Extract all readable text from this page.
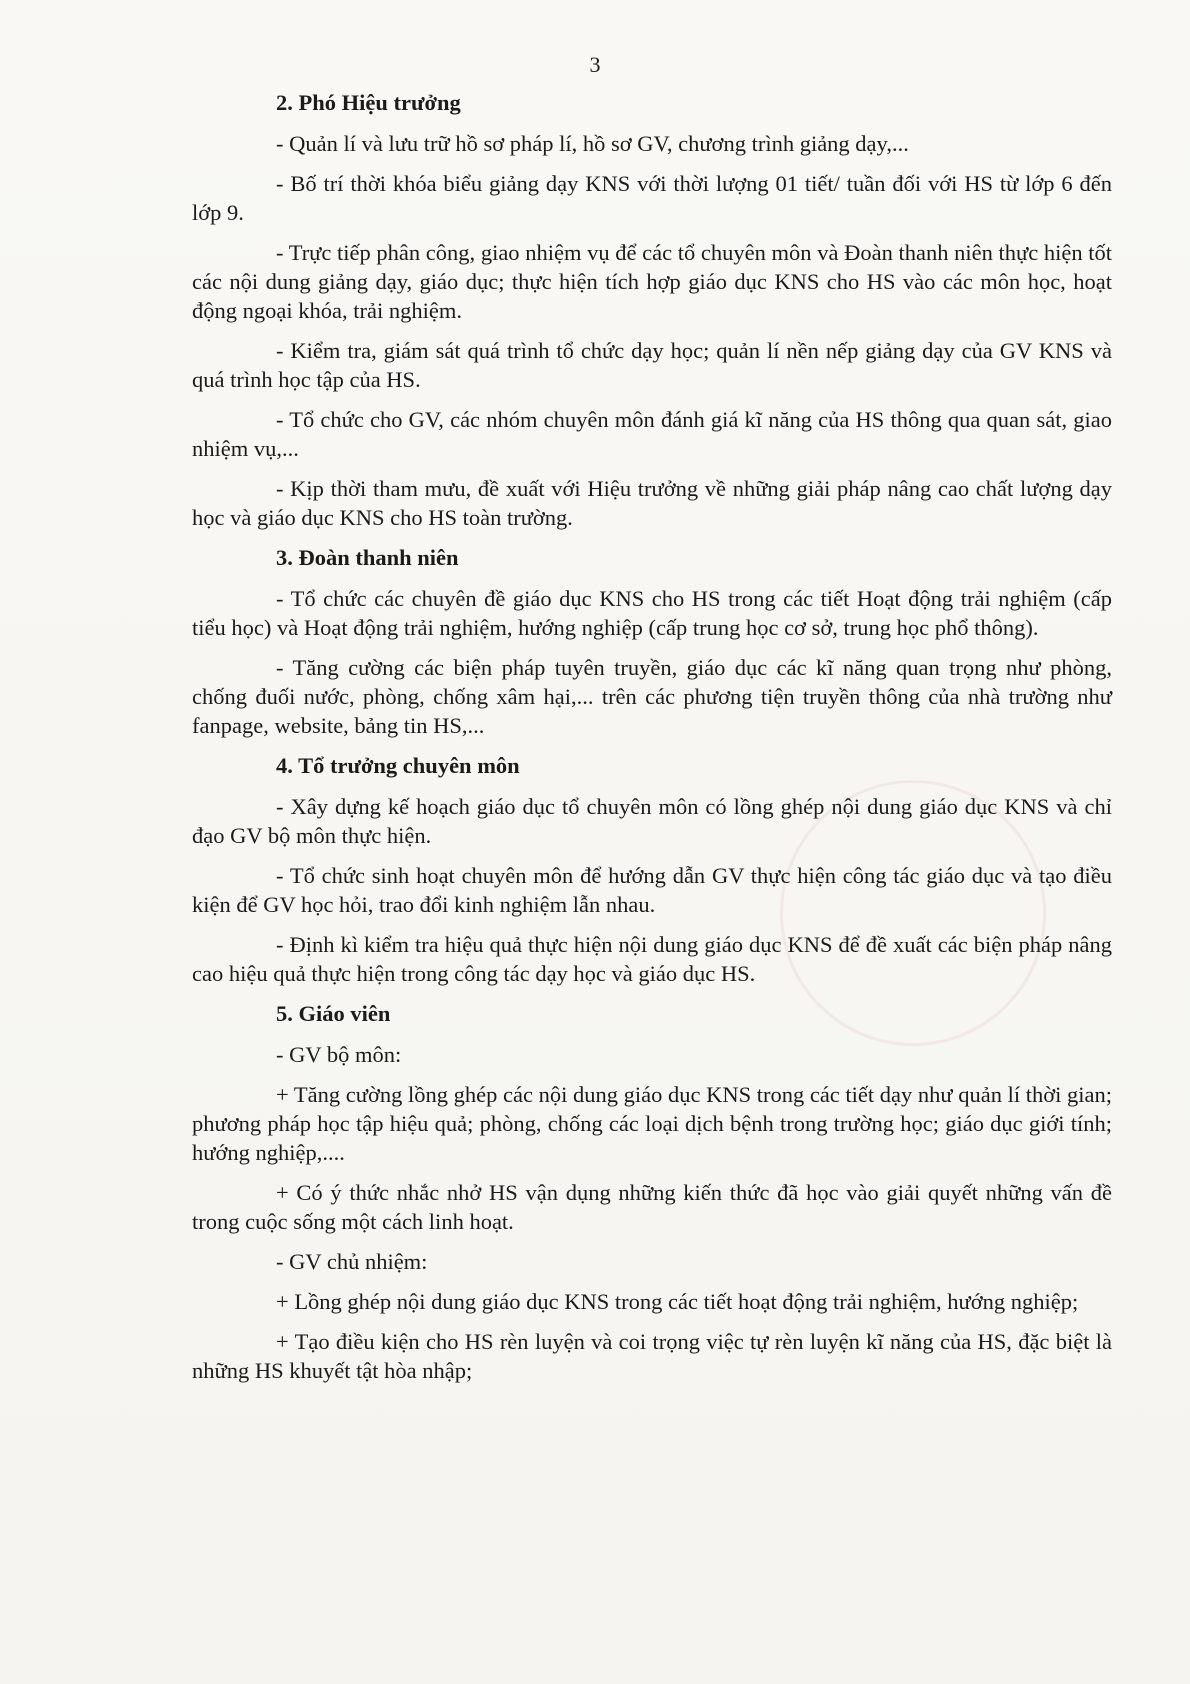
3
2. Phó Hiệu trưởng

- Quản lí và lưu trữ hồ sơ pháp lí, hồ sơ GV, chương trình giảng dạy,...

- Bố trí thời khóa biểu giảng dạy KNS với thời lượng 01 tiết/ tuần đối với HS từ lớp 6 đến lớp 9.

- Trực tiếp phân công, giao nhiệm vụ để các tổ chuyên môn và Đoàn thanh niên thực hiện tốt các nội dung giảng dạy, giáo dục; thực hiện tích hợp giáo dục KNS cho HS vào các môn học, hoạt động ngoại khóa, trải nghiệm.

- Kiểm tra, giám sát quá trình tổ chức dạy học; quản lí nền nếp giảng dạy của GV KNS và quá trình học tập của HS.

- Tổ chức cho GV, các nhóm chuyên môn đánh giá kĩ năng của HS thông qua quan sát, giao nhiệm vụ,...

- Kịp thời tham mưu, đề xuất với Hiệu trưởng về những giải pháp nâng cao chất lượng dạy học và giáo dục KNS cho HS toàn trường.

3. Đoàn thanh niên

- Tổ chức các chuyên đề giáo dục KNS cho HS trong các tiết Hoạt động trải nghiệm (cấp tiểu học) và Hoạt động trải nghiệm, hướng nghiệp (cấp trung học cơ sở, trung học phổ thông).

- Tăng cường các biện pháp tuyên truyền, giáo dục các kĩ năng quan trọng như phòng, chống đuối nước, phòng, chống xâm hại,... trên các phương tiện truyền thông của nhà trường như fanpage, website, bảng tin HS,...

4. Tổ trưởng chuyên môn

- Xây dựng kế hoạch giáo dục tổ chuyên môn có lồng ghép nội dung giáo dục KNS và chỉ đạo GV bộ môn thực hiện.

- Tổ chức sinh hoạt chuyên môn để hướng dẫn GV thực hiện công tác giáo dục và tạo điều kiện để GV học hỏi, trao đổi kinh nghiệm lẫn nhau.

- Định kì kiểm tra hiệu quả thực hiện nội dung giáo dục KNS để đề xuất các biện pháp nâng cao hiệu quả thực hiện trong công tác dạy học và giáo dục HS.

5. Giáo viên

- GV bộ môn:

+ Tăng cường lồng ghép các nội dung giáo dục KNS trong các tiết dạy như quản lí thời gian; phương pháp học tập hiệu quả; phòng, chống các loại dịch bệnh trong trường học; giáo dục giới tính; hướng nghiệp,....

+ Có ý thức nhắc nhở HS vận dụng những kiến thức đã học vào giải quyết những vấn đề trong cuộc sống một cách linh hoạt.

- GV chủ nhiệm:

+ Lồng ghép nội dung giáo dục KNS trong các tiết hoạt động trải nghiệm, hướng nghiệp;

+ Tạo điều kiện cho HS rèn luyện và coi trọng việc tự rèn luyện kĩ năng của HS, đặc biệt là những HS khuyết tật hòa nhập;
